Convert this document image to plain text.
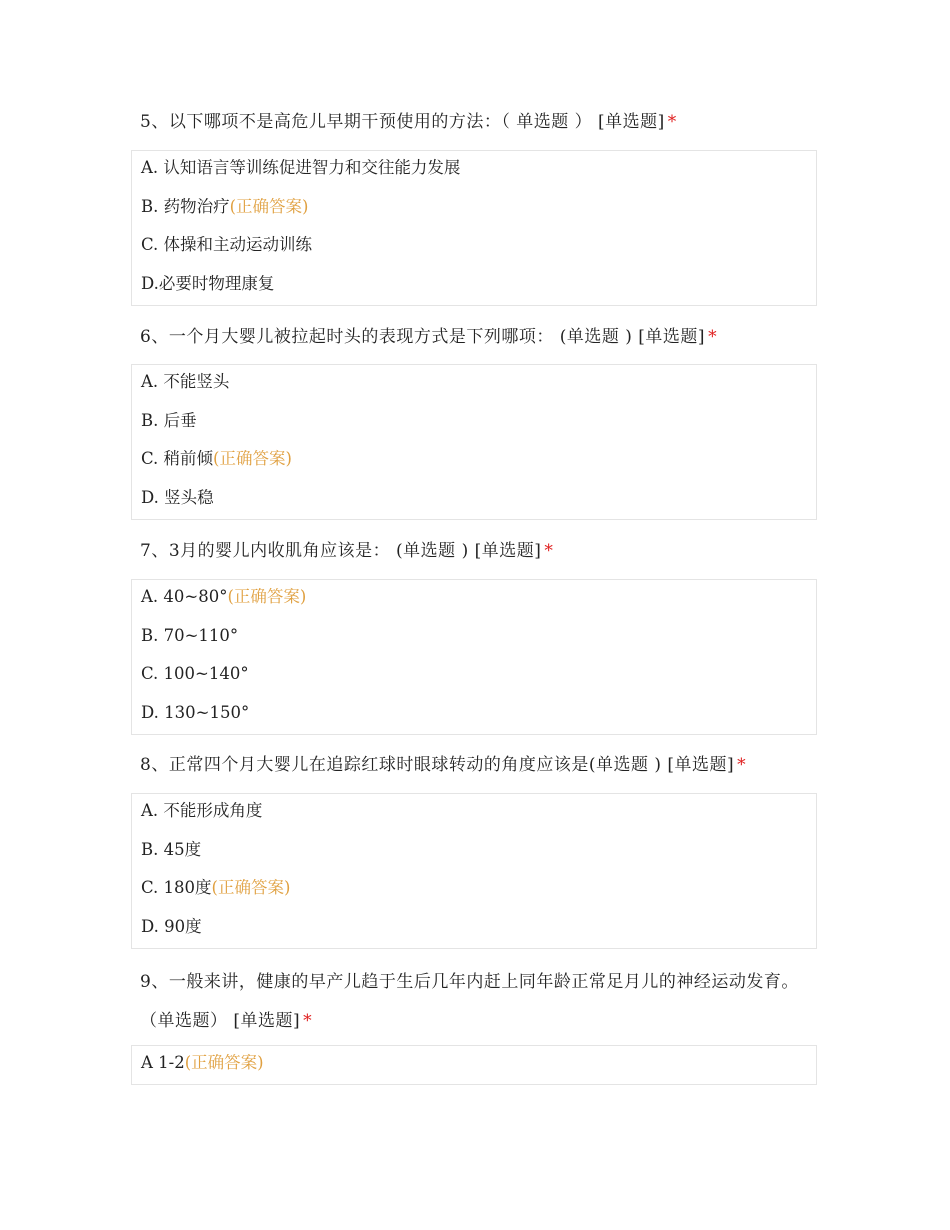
5、以下哪项不是高危儿早期干预使用的方法：（ 单选题 ） [单选题] *
A. 认知语言等训练促进智力和交往能力发展
B. 药物治疗(正确答案)
C. 体操和主动运动训练
D.必要时物理康复
6、一个月大婴儿被拉起时头的表现方式是下列哪项： (单选题 ) [单选题] *
A. 不能竖头
B. 后垂
C. 稍前倾(正确答案)
D. 竖头稳
7、3月的婴儿内收肌角应该是： (单选题 ) [单选题] *
A. 40~80°(正确答案)
B. 70~110°
C. 100~140°
D. 130~150°
8、正常四个月大婴儿在追踪红球时眼球转动的角度应该是(单选题 ) [单选题] *
A. 不能形成角度
B. 45度
C. 180度(正确答案)
D. 90度
9、一般来讲，健康的早产儿趋于生后几年内赶上同年龄正常足月儿的神经运动发育。（单选题） [单选题] *
A 1-2(正确答案)
